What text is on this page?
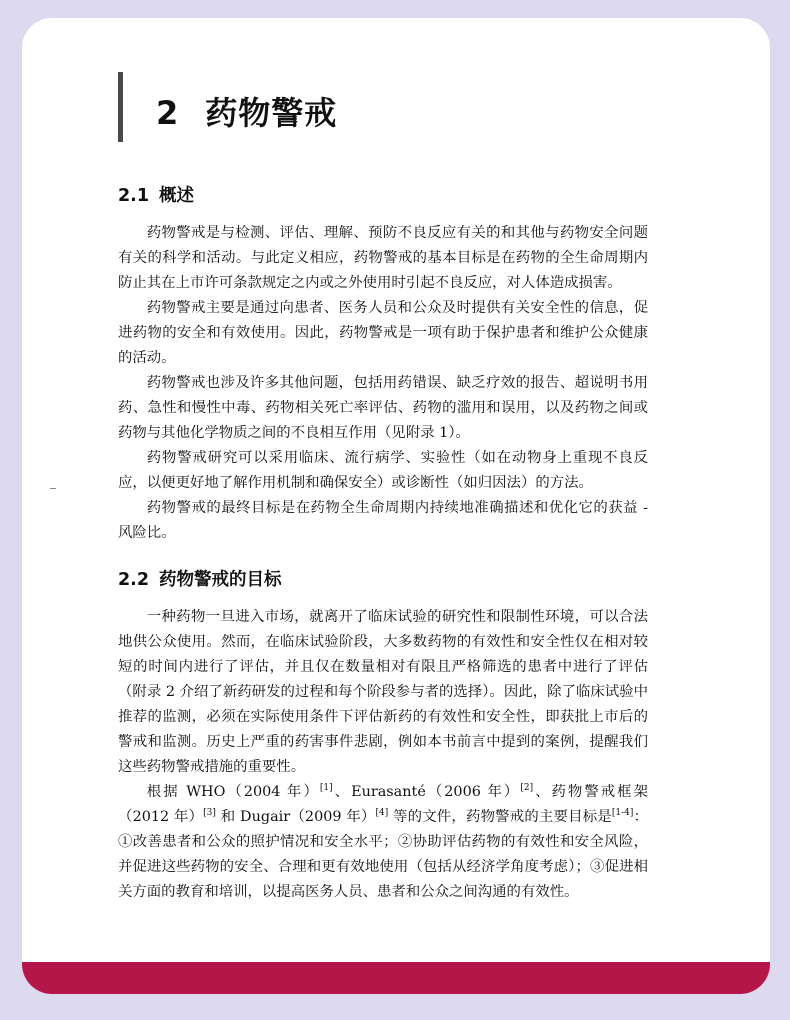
2 药物警戒
2.1 概述

药物警戒是与检测、评估、理解、预防不良反应有关的和其他与药物安全问题有关的科学和活动。与此定义相应，药物警戒的基本目标是在药物的全生命周期内防止其在上市许可条款规定之内或之外使用时引起不良反应，对人体造成损害。

药物警戒主要是通过向患者、医务人员和公众及时提供有关安全性的信息，促进药物的安全和有效使用。因此，药物警戒是一项有助于保护患者和维护公众健康的活动。

药物警戒也涉及许多其他问题，包括用药错误、缺乏疗效的报告、超说明书用药、急性和慢性中毒、药物相关死亡率评估、药物的滥用和误用，以及药物之间或药物与其他化学物质之间的不良相互作用（见附录 1）。

药物警戒研究可以采用临床、流行病学、实验性（如在动物身上重现不良反应，以便更好地了解作用机制和确保安全）或诊断性（如归因法）的方法。

药物警戒的最终目标是在药物全生命周期内持续地准确描述和优化它的获益 - 风险比。

2.2 药物警戒的目标

一种药物一旦进入市场，就离开了临床试验的研究性和限制性环境，可以合法地供公众使用。然而，在临床试验阶段，大多数药物的有效性和安全性仅在相对较短的时间内进行了评估，并且仅在数量相对有限且严格筛选的患者中进行了评估（附录 2 介绍了新药研发的过程和每个阶段参与者的选择）。因此，除了临床试验中推荐的监测，必须在实际使用条件下评估新药的有效性和安全性，即获批上市后的警戒和监测。历史上严重的药害事件悲剧，例如本书前言中提到的案例，提醒我们这些药物警戒措施的重要性。

根据 WHO（2004 年）[1]、Eurasanté（2006 年）[2]、药物警戒框架（2012 年）[3] 和 Dugair（2009 年）[4] 等的文件，药物警戒的主要目标是[1-4]：①改善患者和公众的照护情况和安全水平；②协助评估药物的有效性和安全风险，并促进这些药物的安全、合理和更有效地使用（包括从经济学角度考虑）；③促进相关方面的教育和培训，以提高医务人员、患者和公众之间沟通的有效性。
